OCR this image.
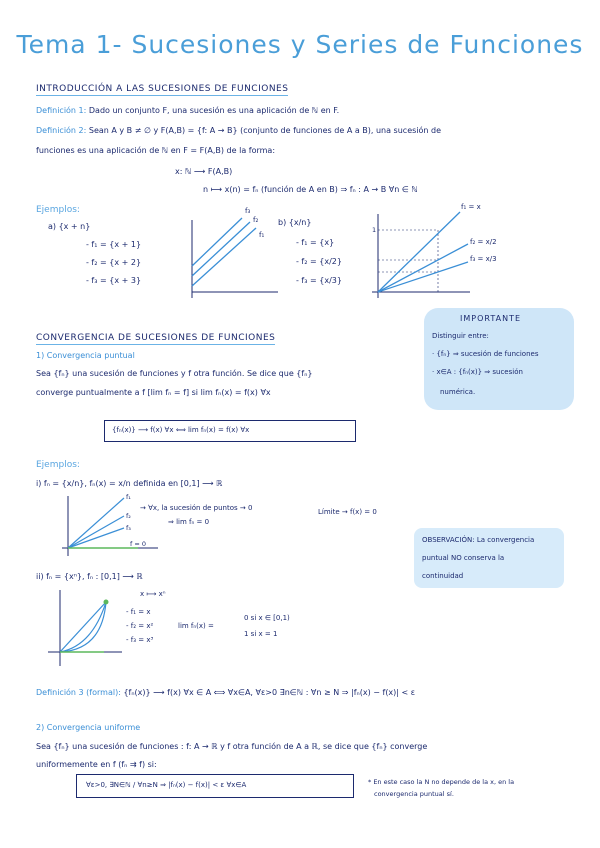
Tema 1- Sucesiones y Series de Funciones
INTRODUCCIÓN A LAS SUCESIONES DE FUNCIONES
Definición 1: Dado un conjunto F, una sucesión es una aplicación de ℕ en F.
Definición 2: Sean A y B ≠ ∅ y F(A,B) = {f: A → B} (conjunto de funciones de A a B), una sucesión de
funciones es una aplicación de ℕ en F = F(A,B) de la forma:
x: ℕ ⟶ F(A,B)
n ⟼ x(n) = fₙ (función de A en B) ⇒ fₙ : A → B ∀n ∈ ℕ
Ejemplos:
a) {x + n}
- f₁ = {x + 1}
- f₂ = {x + 2}
- f₃ = {x + 3}
f₃
f₂
f₁
b) {x/n}
- f₁ = {x}
- f₂ = {x/2}
- f₃ = {x/3}
1
f₁ = x
f₂ = x/2
f₃ = x/3
IMPORTANTE
Distinguir entre:
· {fₙ} ⇒ sucesión de funciones
· x∈A : {fₙ(x)} ⇒ sucesión
numérica.
CONVERGENCIA DE SUCESIONES DE FUNCIONES
1) Convergencia puntual
Sea {fₙ} una sucesión de funciones y f otra función. Se dice que {fₙ}
converge puntualmente a f [lim fₙ = f] si lim fₙ(x) = f(x) ∀x
{fₙ(x)} ⟶ f(x) ∀x ⟺ lim fₙ(x) = f(x) ∀x
Ejemplos:
i) fₙ = {x/n}, fₙ(x) = x/n definida en [0,1] ⟶ ℝ
f₁
f₂
f₃
f = 0
→ ∀x, la sucesión de puntos → 0
⇒ lim fₙ = 0
Límite → f(x) = 0
OBSERVACIÓN: La convergencia
puntual NO conserva la
continuidad
ii) fₙ = {xⁿ}, fₙ : [0,1] ⟶ ℝ
x ⟼ xⁿ
- f₁ = x
- f₂ = x²
- f₃ = x³
lim fₙ(x) =
0 si x ∈ [0,1)
1 si x = 1
Definición 3 (formal): {fₙ(x)} ⟶ f(x) ∀x ∈ A ⟺ ∀x∈A, ∀ε>0 ∃n∈ℕ : ∀n ≥ N ⇒ |fₙ(x) − f(x)| < ε
2) Convergencia uniforme
Sea {fₙ} una sucesión de funciones : f: A → ℝ y f otra función de A a ℝ, se dice que {fₙ} converge
uniformemente en f (fₙ ⇉ f) si:
∀ε>0, ∃N∈ℕ / ∀n≥N ⇒ |fₙ(x) − f(x)| < ε ∀x∈A	* En este caso la N no depende de la x, en la
convergencia puntual sí.
